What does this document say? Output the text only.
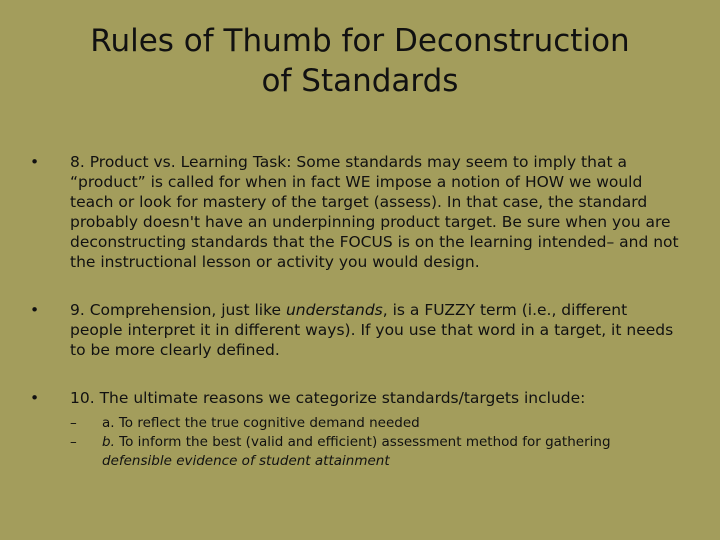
Rules of Thumb for Deconstruction
of Standards
•	8. Product vs. Learning Task: Some standards may seem to imply that a “product” is called for when in fact WE impose a notion of HOW we would teach or look for mastery of the target (assess). In that case, the standard probably doesn't have an underpinning product target. Be sure when you are deconstructing standards that the FOCUS is on the learning intended– and not the instructional lesson or activity you would design.
•	9. Comprehension, just like understands, is a FUZZY term (i.e., different people interpret it in different ways). If you use that word in a target, it needs to be more clearly defined.
•	10. The ultimate reasons we categorize standards/targets include:
–	a. To reflect the true cognitive demand needed
–	b. To inform the best (valid and efficient) assessment method for gathering defensible evidence of student attainment
